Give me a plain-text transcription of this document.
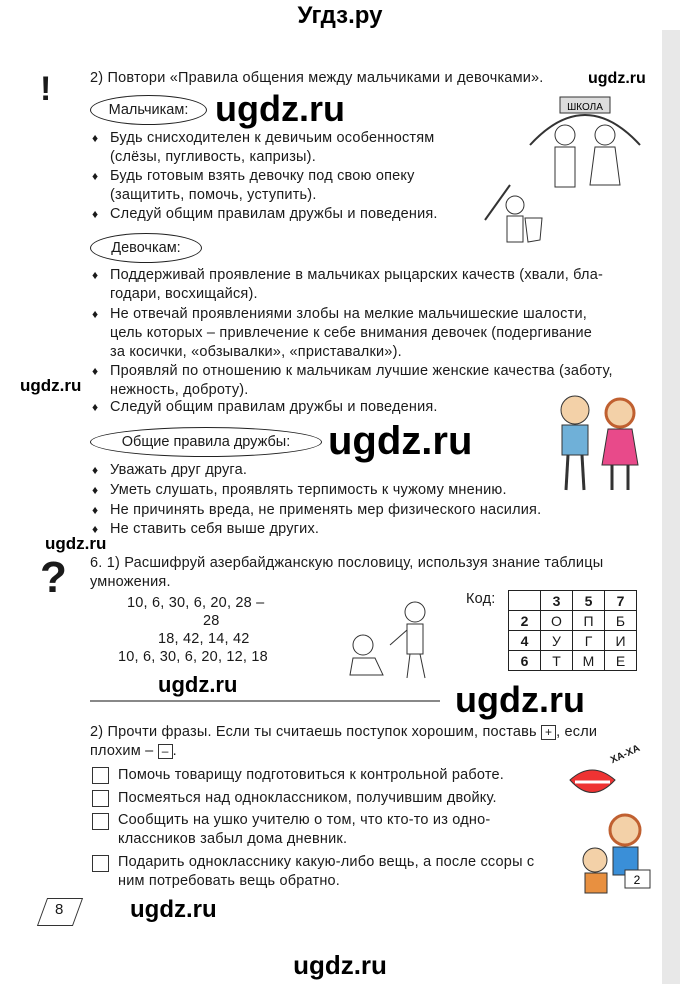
Угдз.ру
!	2) Повтори «Правила общения между мальчиками и девочками».	ugdz.ru
Мальчикам: ugdz.ru
♦ Будь снисходителен к девичьим особенностям
(слёзы, пугливость, капризы).
♦ Будь готовым взять девочку под свою опеку
(защитить, помочь, уступить).
♦ Следуй общим правилам дружбы и поведения.
ШКОЛА
Девочкам:
♦ Поддерживай проявление в мальчиках рыцарских качеств (хвали, бла-
годари, восхищайся).
♦ Не отвечай проявлениями злобы на мелкие мальчишеские шалости,
цель которых – привлечение к себе внимания девочек (подергивание
за косички, «обзывалки», «приставалки»).
♦ Проявляй по отношению к мальчикам лучшие женские качества (заботу,
нежность, доброту).
ugdz.ru
♦ Следуй общим правилам дружбы и поведения.
Общие правила дружбы: ugdz.ru
♦ Уважать друг друга.
♦ Уметь слушать, проявлять терпимость к чужому мнению.
♦ Не причинять вреда, не применять мер физического насилия.
♦ Не ставить себя выше других.
ugdz.ru
? 6. 1) Расшифруй азербайджанскую пословицу, используя знание таблицы
умножения.
10, 6, 30, 6, 20, 28 –
28
18, 42, 14, 42
10, 6, 30, 6, 20, 12, 18
Код:
		3	5	7
2	О	П	Б
4	У	Г	И
6	Т	М	Е
ugdz.ru	ugdz.ru
2) Прочти фразы. Если ты считаешь поступок хорошим, поставь + , если
плохим – – .
Помочь товарищу подготовиться к контрольной работе.
Посмеяться над одноклассником, получившим двойку.
Сообщить на ушко учителю о том, что кто-то из одно-
классников забыл дома дневник.
Подарить однокласснику какую-либо вещь, а после ссоры с
ним потребовать вещь обратно.
ХА-ХА
2
8	ugdz.ru
ugdz.ru
